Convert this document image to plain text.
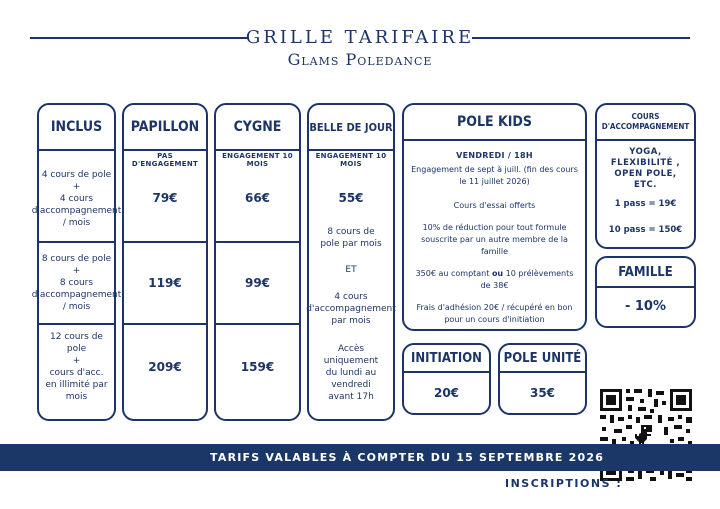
GRILLE TARIFAIRE
Glams Poledance
INCLUS
4 cours de pole
+
4 cours d'accompagnement / mois
8 cours de pole
+
8 cours d'accompagnement / mois
12 cours de pole
+
cours d'acc. en illimité par mois
PAPILLON
PAS D'ENGAGEMENT
79€
119€
209€
CYGNE
ENGAGEMENT 10 MOIS
66€
99€
159€
BELLE DE JOUR
ENGAGEMENT 10 MOIS
55€
8 cours de pole par mois
ET
4 cours d'accompagnement par mois
Accès uniquement du lundi au vendredi avant 17h
POLE KIDS
VENDREDI / 18H
Engagement de sept à juill. (fin des cours le 11 juillet 2026)
Cours d'essai offerts
10% de réduction pour tout formule souscrite par un autre membre de la famille
350€ au comptant ou 10 prélèvements de 38€
Frais d'adhésion 20€ / récupéré en bon pour un cours d'initiation
COURS D'ACCOMPAGNEMENT
YOGA, FLEXIBILITÉ , OPEN POLE, ETC.
1 pass = 19€
10 pass = 150€
FAMILLE
- 10%
INITIATION
20€
POLE UNITÉ
35€
TARIFS VALABLES À COMPTER DU 15 SEPTEMBRE 2026
INSCRIPTIONS :
